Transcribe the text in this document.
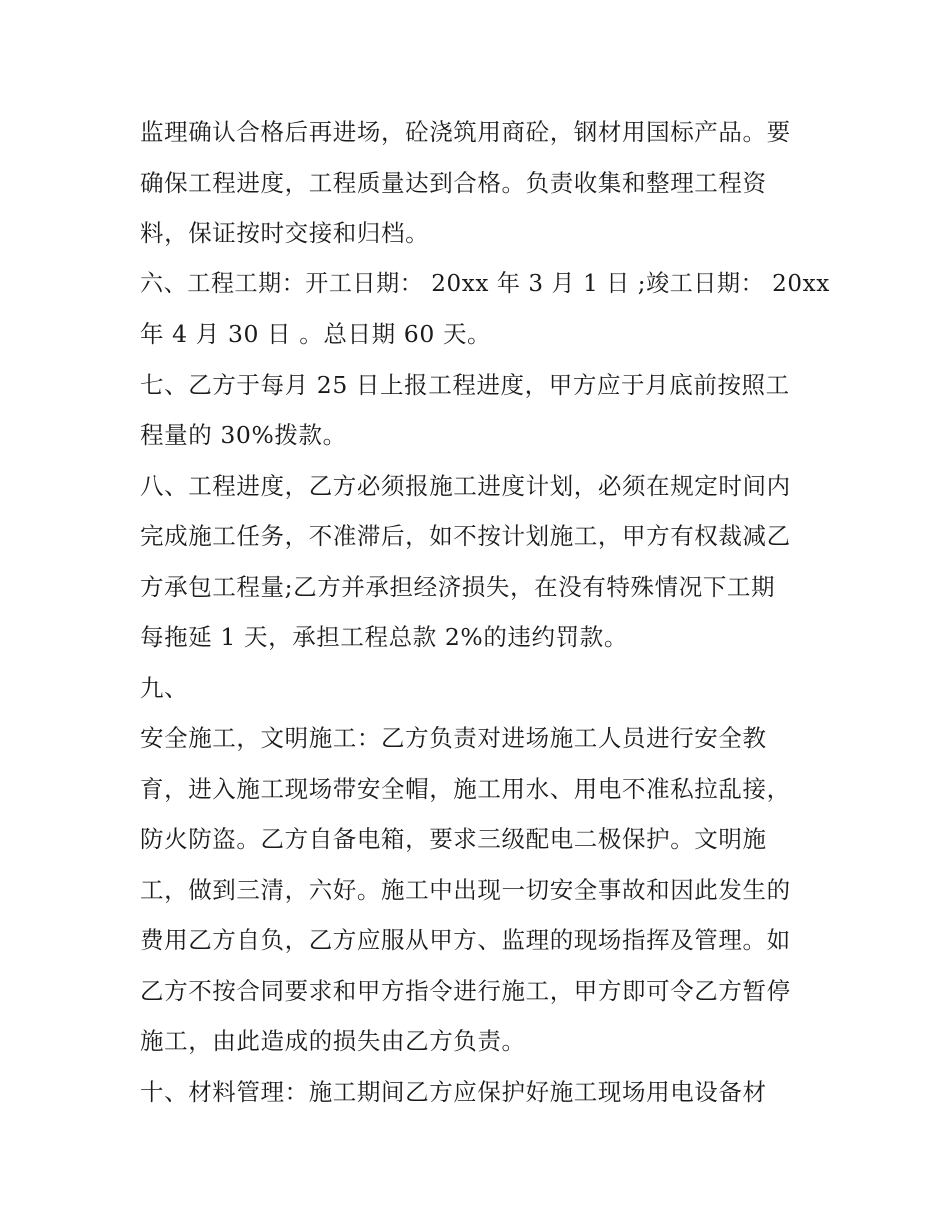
监理确认合格后再进场，砼浇筑用商砼，钢材用国标产品。要
确保工程进度，工程质量达到合格。负责收集和整理工程资
料，保证按时交接和归档。
六、工程工期：开工日期： 20xx 年 3 月 1 日 ;竣工日期： 20xx
年 4 月 30 日 。总日期 60 天。
七、乙方于每月 25 日上报工程进度，甲方应于月底前按照工
程量的 30%拨款。
八、工程进度，乙方必须报施工进度计划，必须在规定时间内
完成施工任务，不准滞后，如不按计划施工，甲方有权裁减乙
方承包工程量;乙方并承担经济损失，在没有特殊情况下工期
每拖延 1 天，承担工程总款 2%的违约罚款。
九、
安全施工，文明施工：乙方负责对进场施工人员进行安全教
育，进入施工现场带安全帽，施工用水、用电不准私拉乱接，
防火防盗。乙方自备电箱，要求三级配电二极保护。文明施
工，做到三清，六好。施工中出现一切安全事故和因此发生的
费用乙方自负，乙方应服从甲方、监理的现场指挥及管理。如
乙方不按合同要求和甲方指令进行施工，甲方即可令乙方暂停
施工，由此造成的损失由乙方负责。
十、材料管理：施工期间乙方应保护好施工现场用电设备材
